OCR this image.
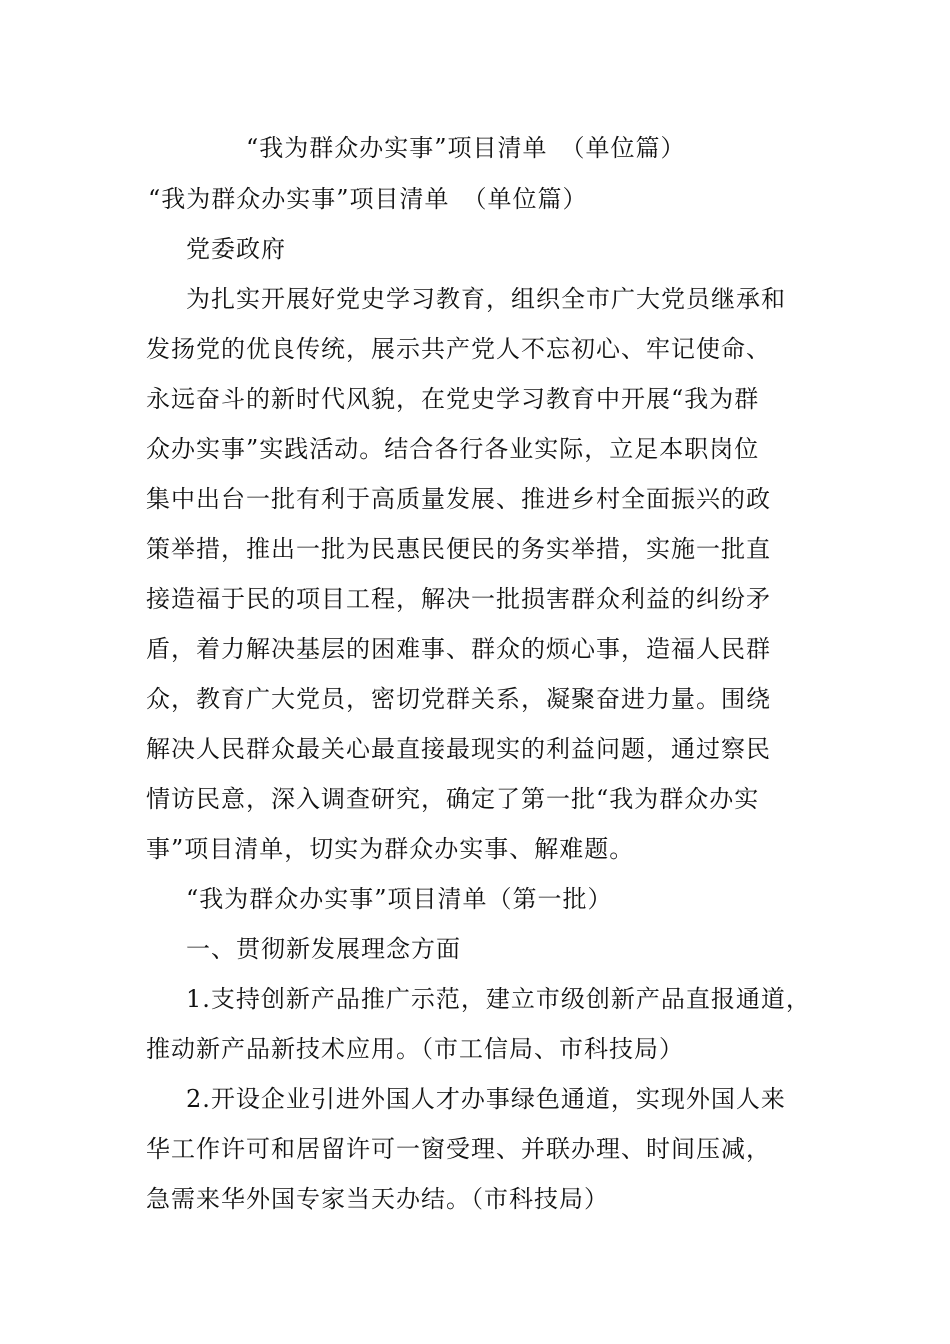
“我为群众办实事”项目清单　（单位篇）
“我为群众办实事”项目清单　（单位篇）
党委政府
为扎实开展好党史学习教育，组织全市广大党员继承和
发扬党的优良传统，展示共产党人不忘初心、牢记使命、
永远奋斗的新时代风貌，在党史学习教育中开展“我为群
众办实事”实践活动。结合各行各业实际，立足本职岗位
集中出台一批有利于高质量发展、推进乡村全面振兴的政
策举措，推出一批为民惠民便民的务实举措，实施一批直
接造福于民的项目工程，解决一批损害群众利益的纠纷矛
盾，着力解决基层的困难事、群众的烦心事，造福人民群
众，教育广大党员，密切党群关系，凝聚奋进力量。围绕
解决人民群众最关心最直接最现实的利益问题，通过察民
情访民意，深入调查研究，确定了第一批“我为群众办实
事”项目清单，切实为群众办实事、解难题。
“我为群众办实事”项目清单（第一批）
一、贯彻新发展理念方面
1.支持创新产品推广示范，建立市级创新产品直报通道，
推动新产品新技术应用。（市工信局、市科技局）
2.开设企业引进外国人才办事绿色通道，实现外国人来
华工作许可和居留许可一窗受理、并联办理、时间压减，
急需来华外国专家当天办结。（市科技局）
